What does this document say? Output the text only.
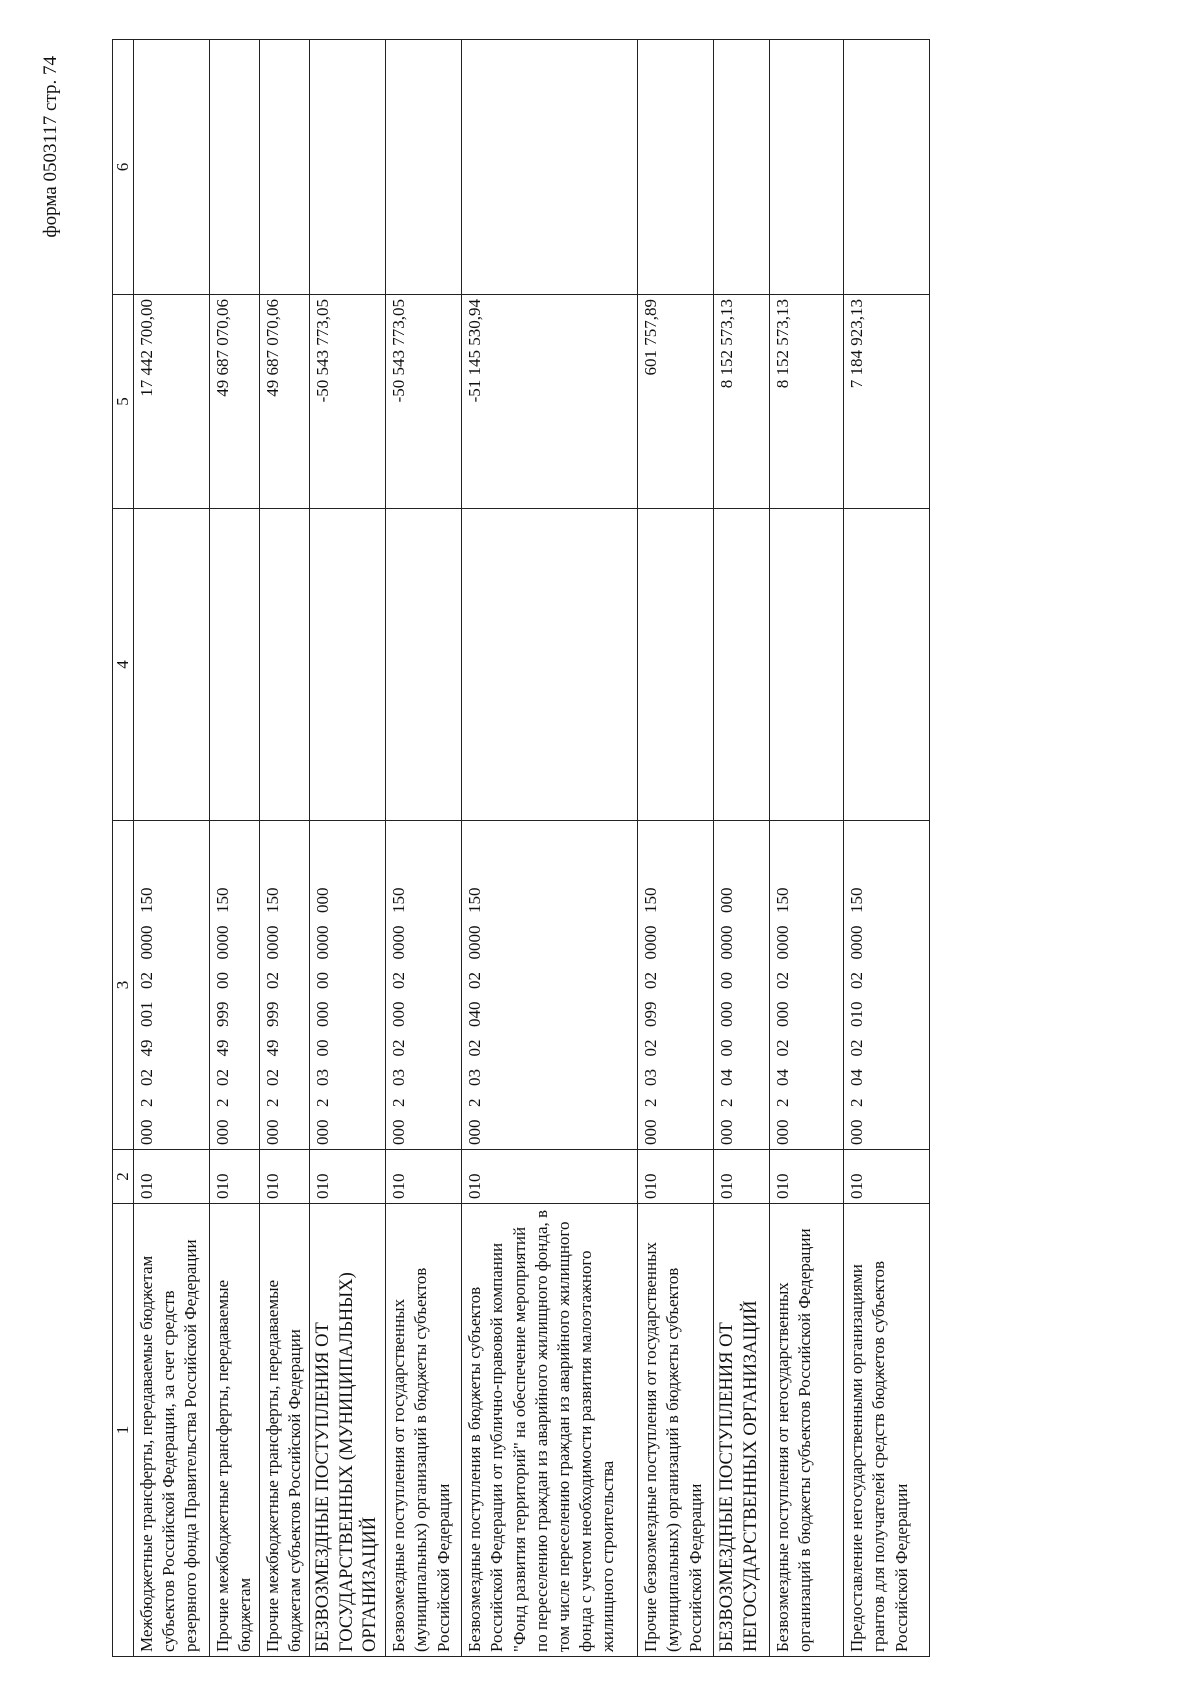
форма 0503117 стр. 74
1	2	3	4	5	6
Межбюджетные трансферты, передаваемые бюджетам субъектов Российской Федерации, за счет средств резервного фонда Правительства Российской Федерации	010	000  2  02  49  001  02  0000  150		17 442 700,00	
Прочие межбюджетные трансферты, передаваемые бюджетам	010	000  2  02  49  999  00  0000  150		49 687 070,06	
Прочие межбюджетные трансферты, передаваемые бюджетам субъектов Российской Федерации	010	000  2  02  49  999  02  0000  150		49 687 070,06	
БЕЗВОЗМЕЗДНЫЕ ПОСТУПЛЕНИЯ ОТ ГОСУДАРСТВЕННЫХ (МУНИЦИПАЛЬНЫХ) ОРГАНИЗАЦИЙ	010	000  2  03  00  000  00  0000  000		-50 543 773,05	
Безвозмездные поступления от государственных (муниципальных) организаций в бюджеты субъектов Российской Федерации	010	000  2  03  02  000  02  0000  150		-50 543 773,05	
Безвозмездные поступления в бюджеты субъектов Российской Федерации от публично-правовой компании "Фонд развития территорий" на обеспечение мероприятий по переселению граждан из аварийного жилищного фонда, в том числе переселению граждан из аварийного жилищного фонда с учетом необходимости развития малоэтажного жилищного строительства	010	000  2  03  02  040  02  0000  150		-51 145 530,94	
Прочие безвозмездные поступления от государственных (муниципальных) организаций в бюджеты субъектов Российской Федерации	010	000  2  03  02  099  02  0000  150		601 757,89	
БЕЗВОЗМЕЗДНЫЕ ПОСТУПЛЕНИЯ ОТ НЕГОСУДАРСТВЕННЫХ ОРГАНИЗАЦИЙ	010	000  2  04  00  000  00  0000  000		8 152 573,13	
Безвозмездные поступления от негосударственных организаций в бюджеты субъектов Российской Федерации	010	000  2  04  02  000  02  0000  150		8 152 573,13	
Предоставление негосударственными организациями грантов для получателей средств бюджетов субъектов Российской Федерации	010	000  2  04  02  010  02  0000  150		7 184 923,13	
